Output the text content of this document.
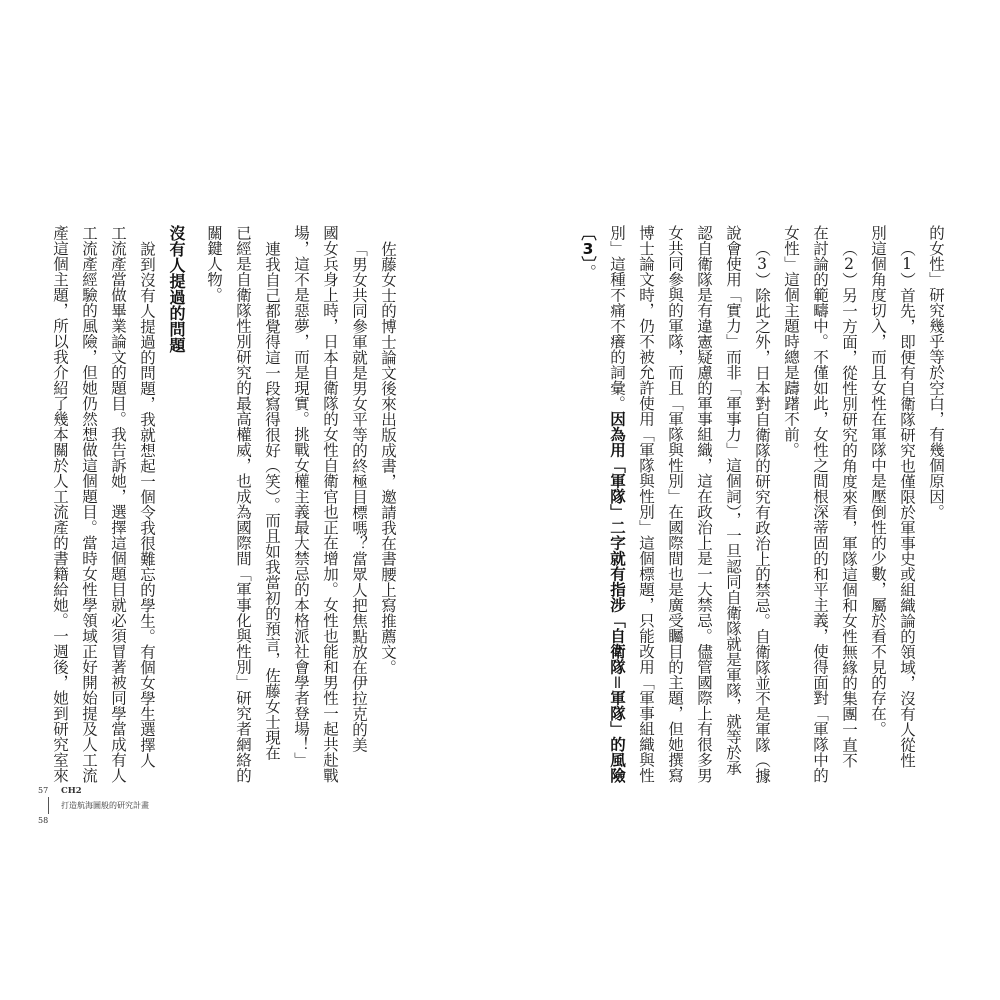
佐藤女士的博士論文後來出版成書，邀請我在書腰上寫推薦文。
「男女共同參軍就是男女平等的終極目標嗎？當眾人把焦點放在伊拉克的美
國女兵身上時，日本自衛隊的女性自衛官也正在增加。女性也能和男性一起共赴戰
場，這不是惡夢，而是現實。挑戰女權主義最大禁忌的本格派社會學者登場！」
連我自己都覺得這一段寫得很好（笑）。而且如我當初的預言，佐藤女士現在
已經是自衛隊性別研究的最高權威，也成為國際間「軍事化與性別」研究者網絡的
關鍵人物。
沒有人提過的問題
說到沒有人提過的問題，我就想起一個令我很難忘的學生。有個女學生選擇人
工流產當做畢業論文的題目。我告訴她，選擇這個題目就必須冒著被同學當成有人
工流產經驗的風險，但她仍然想做這個題目。當時女性學領域正好開始提及人工流
產這個主題，所以我介紹了幾本關於人工流產的書籍給她。一週後，她到研究室來
57 CH2
打造航海圖般的研究計畫
58
的女性」研究幾乎等於空白，有幾個原因。
（1）首先，即便有自衛隊研究也僅限於軍事史或組織論的領域，沒有人從性
別這個角度切入，而且女性在軍隊中是壓倒性的少數，屬於看不見的存在。
（2）另一方面，從性別研究的角度來看，軍隊這個和女性無緣的集團一直不
在討論的範疇中。不僅如此，女性之間根深蒂固的和平主義，使得面對「軍隊中的
女性」這個主題時總是躊躇不前。
（3）除此之外，日本對自衛隊的研究有政治上的禁忌。自衛隊並不是軍隊（據
說會使用「實力」而非「軍事力」這個詞），一旦認同自衛隊就是軍隊，就等於承
認自衛隊是有違憲疑慮的軍事組織，這在政治上是一大禁忌。儘管國際上有很多男
女共同參與的軍隊，而且「軍隊與性別」在國際間也是廣受矚目的主題，但她撰寫
博士論文時，仍不被允許使用「軍隊與性別」這個標題，只能改用「軍事組織與性
別」這種不痛不癢的詞彙。因為用「軍隊」二字就有指涉「自衛隊＝軍隊」的風險
〔3〕。
